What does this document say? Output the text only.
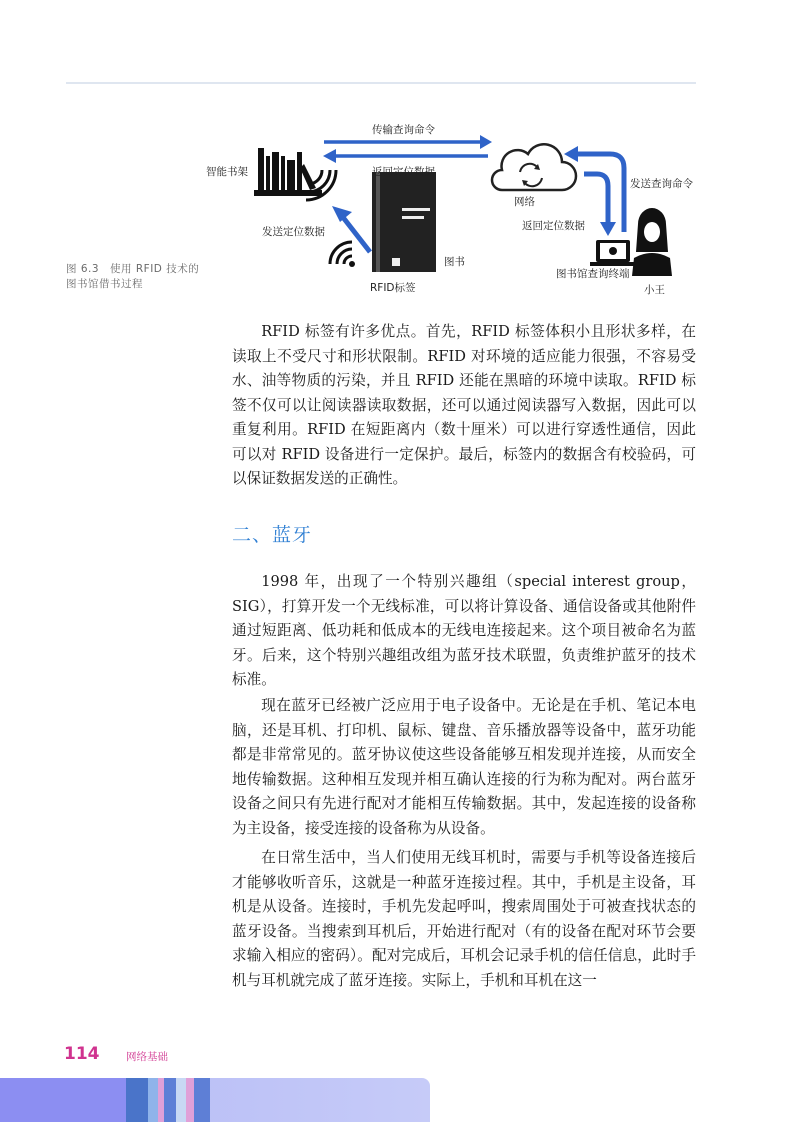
智能书架
传输查询命令
返回定位数据
网络
发送查询命令
返回定位数据
发送定位数据
图书
RFID标签
图书馆查询终端
小王
图 6.3　使用 RFID 技术的图书馆借书过程

RFID 标签有许多优点。首先，RFID 标签体积小且形状多样，在读取上不受尺寸和形状限制。RFID 对环境的适应能力很强，不容易受水、油等物质的污染，并且 RFID 还能在黑暗的环境中读取。RFID 标签不仅可以让阅读器读取数据，还可以通过阅读器写入数据，因此可以重复利用。RFID 在短距离内（数十厘米）可以进行穿透性通信，因此可以对 RFID 设备进行一定保护。最后，标签内的数据含有校验码，可以保证数据发送的正确性。

二、蓝牙

1998 年，出现了一个特别兴趣组（special interest group，SIG），打算开发一个无线标准，可以将计算设备、通信设备或其他附件通过短距离、低功耗和低成本的无线电连接起来。这个项目被命名为蓝牙。后来，这个特别兴趣组改组为蓝牙技术联盟，负责维护蓝牙的技术标准。

现在蓝牙已经被广泛应用于电子设备中。无论是在手机、笔记本电脑，还是耳机、打印机、鼠标、键盘、音乐播放器等设备中，蓝牙功能都是非常常见的。蓝牙协议使这些设备能够互相发现并连接，从而安全地传输数据。这种相互发现并相互确认连接的行为称为配对。两台蓝牙设备之间只有先进行配对才能相互传输数据。其中，发起连接的设备称为主设备，接受连接的设备称为从设备。

在日常生活中，当人们使用无线耳机时，需要与手机等设备连接后才能够收听音乐，这就是一种蓝牙连接过程。其中，手机是主设备，耳机是从设备。连接时，手机先发起呼叫，搜索周围处于可被查找状态的蓝牙设备。当搜索到耳机后，开始进行配对（有的设备在配对环节会要求输入相应的密码）。配对完成后，耳机会记录手机的信任信息，此时手机与耳机就完成了蓝牙连接。实际上，手机和耳机在这一

114	网络基础
